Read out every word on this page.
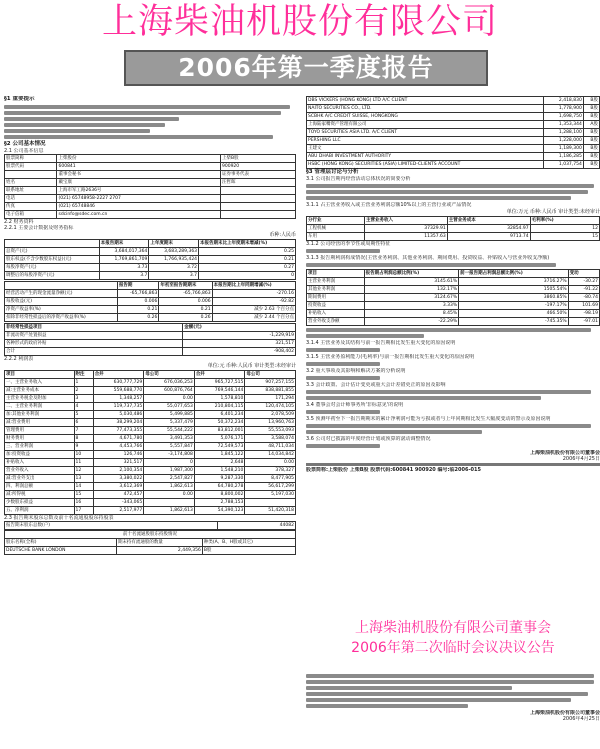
上海柴油机股份有限公司
2006年第一季度报告
§1 重要提示
§2 公司基本情况
2.1 公司基本信息
股票简称	上柴股份	上柴B股
股票代码	600841	900920
	董事会秘书	证券事务代表
姓名	戴宝康	汪哲晖
联系地址	上海市军工路2636号	
电话	(021) 65748958-2227 2707	
传真	(021) 65748846	
电子信箱	sdcinfo@sdec.com.cn	
2.2 财务资料
2.2.1 主要会计数据及财务指标
币种:人民币
	本报告期末	上年度期末	本报告期末比上年度期末增减(%)
总资产(元)	3,684,017,364	3,683,289,363	0.25
股东权益(不含少数股东权益)(元)	1,769,861,709	1,766,935,424	0.21
每股净资产(元)	3.73	3.72	0.27
调整后的每股净资产(元)	3.7	3.7	0
	报告期	年初至报告期期末	本报告期比上年同期增减(%)
经营活动产生的现金流量净额(元)	-65,766,863	-65,766,863	-270.16
每股收益(元)	0.006	0.006	-92.82
净资产收益率(%)	0.21	0.21	减少 2.63 个百分点
扣除非经常性损益后的净资产收益率(%)	0.26	0.26	减少 2.44 个百分点
非经常性损益项目	金额(元)
非流动资产处置损益	-1,229,919
各种形式的政府补贴	321,517
合计	-908,402
2.2.2 利润表
单位:元 币种:人民币 审计类型:未经审计
项目	附注	合并	母公司	合并	母公司
一、主营业务收入	1	630,777,729	676,036,253	965,727,515	907,257,155
减:主营业务成本	2	559,688,770	600,876,764	769,546,144	838,881,855
主营业务税金及附加	3	1,348,257	0.00	1,578,810	171,294
二、主营业务利润	4	119,737,735	55,077,653	210,804,115	120,474,105
加:其他业务利润	5	5,030,486	5,499,885	6,401,234	2,078,509
减:营业费用	6	38,299,204	5,337,479	50,372,234	13,960,763
管理费用	7	77,473,355	55,544,222	83,812,001	55,553,093
财务费用	8	4,671,780	3,491,353	5,076,171	3,588,074
三、营业利润	9	4,453,766	5,557,847	72,549,573	48,711,034
加:投资收益	10	126,746	-3,174,808	1,845,122	14,034,842
补贴收入	11	321,517	0	2,648	0.00
营业外收入	12	2,100,354	1,987,300	1,548,210	378,327
减:营业外支出	13	3,380,022	2,547,827	9,287,330	8,477,905
四、利润总额	14	3,612,369	1,862,613	64,780,278	56,617,299
减:所得税	15	472,457	0.00	8,800,002	5,197,030
少数股东损益	16	-343,065		2,788,153	
五、净利润	17	2,517,977	1,862,613	54,390,123	51,420,318
2.3 报告期末股东总数及前十名流通股股东持股表
报告期末股东总数(户)	44082
前十名流通股股东持股情况		
股东名称(全称)	期末持有流通股的数量	种类(A、B、H股或其它)
DEUTSCHE BANK LONDON	2,449,356	B股
DBS VICKERS (HONG KONG) LTD A/C CLIENT	2,418,830	B股
NAITO SECURITIES CO., LTD.	1,778,900	B股
SCBHK A/C CREDIT SUISSE, HONGKONG	1,698,750	B股
上海陆家嘴资产管理有限公司	1,353,344	A股
TOYO SECURITIES ASIA LTD. A/C CLIENT	1,288,100	B股
PERSHING LLC	1,228,000	B股
王建文	1,189,300	B股
ABU DHABI INVESTMENT AUTHORITY	1,186,285	B股
HSBC (HONG KONG) SECURITIES (ASIA) LIMITED-CLIENTS ACCOUNT	1,037,754	B股
§3 管理层讨论与分析
3.1 公司报告期内经营活动总体状况的简要分析
3.1.1 占主营业务收入或主营业务利润总额10%以上的主营行业或产品情况
单位:万元 币种:人民币 审计类型:未经审计
分行业	主营业务收入	主营业务成本	毛利率(%)
工程机械	37329.91	32854.97	12
车用	11357.63	9713.74	15
3.1.2 公司经营的季节性或周期性特征
3.1.3 报告期利润构成情况(主营业务利润、其他业务利润、期间费用、投资收益、补贴收入与营业外收支净额)
项目	报告期占利润总额比例(%)	前一报告期占利润总额比例(%)	变动
主营业务利润	3145.61%	3716.27%	-30.27
其他业务利润	132.17%	1505.54%	-91.22
期间费用	3124.67%	3860.85%	-80.74
投资收益	3.33%	-197.17%	101.69
补贴收入	8.45%	466.50%	-98.19
营业外收支净额	-22.29%	-745.35%	-97.01
3.1.4 主营业务及其结构与前一报告期相比发生重大变化的原因说明
3.1.5 主营业务盈利能力(毛利率)与前一报告期相比发生重大变化的原因说明
3.2 重大事项及其影响和解决方案的分析说明
3.3 会计政策、会计估计变更或重大会计差错更正的原因及影响
3.4 董事会对会计师事务所'非标意见'的说明
3.5 预测年初至下一报告期期末的累计净利润可能为亏损或者与上年同期相比发生大幅度变动的警示及原因说明
3.6 公司对已披露的年度经营计划或预算的滚动调整情况
上海柴油机股份有限公司董事会
2006年4月25日
股票简称:上柴股份 上柴B股 股票代码:600841 900920 编号:临2006-015
上海柴油机股份有限公司董事会
2006年第二次临时会议决议公告
上海柴油机股份有限公司董事会
2006年4月25日
